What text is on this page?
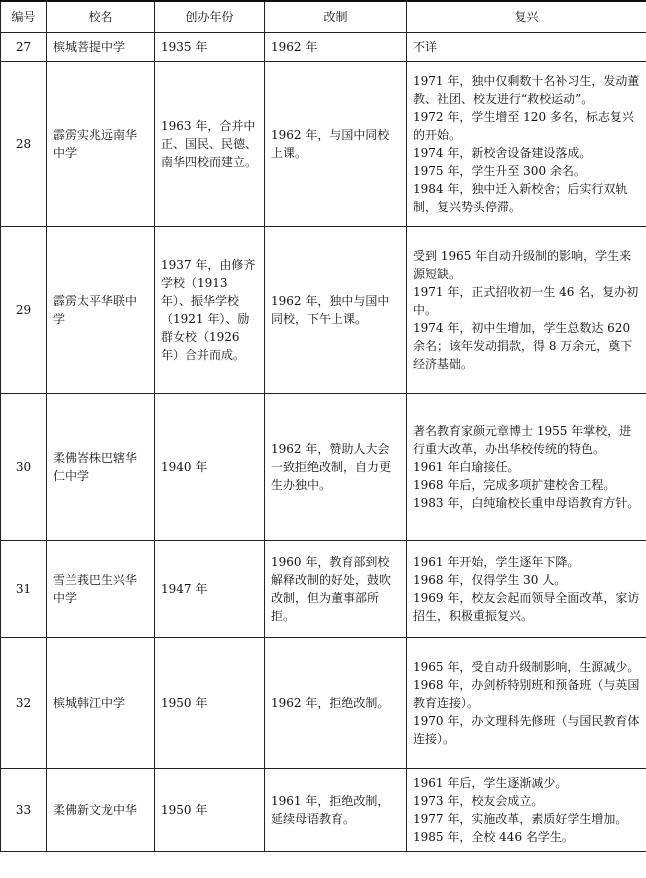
编号	校名	创办年份	改制	复兴
27	槟城菩提中学	1935 年	1962 年	不详

28	霹雳实兆远南华中学	1963 年，合并中正、国民、民德、南华四校而建立。	1962 年，与国中同校上课。	1971 年，独中仅剩数十名补习生，发动董教、社团、校友进行“救校运动”。

1972 年，学生增至 120 多名，标志复兴的开始。

1974 年，新校舍设备建设落成。

1975 年，学生升至 300 余名。

1984 年，独中迁入新校舍；后实行双轨制，复兴势头停滞。

29	霹雳太平华联中学	1937 年，由修齐学校（1913 年）、振华学校（1921 年）、励群女校（1926 年）合并而成。	1962 年，独中与国中同校，下午上课。	受到 1965 年自动升级制的影响，学生来源短缺。

1971 年，正式招收初一生 46 名，复办初中。

1974 年，初中生增加，学生总数达 620 余名；该年发动捐款，得 8 万余元，奠下经济基础。

30	柔佛峇株巴辖华仁中学	1940 年	1962 年，赞助人大会一致拒绝改制，自力更生办独中。	著名教育家颜元章博士 1955 年掌校，进行重大改革，办出华校传统的特色。

1961 年白瑜接任。

1968 年后，完成多项扩建校舍工程。

1983 年，白纯瑜校长重申母语教育方针。

31	雪兰莪巴生兴华中学	1947 年	1960 年，教育部到校解释改制的好处，鼓吹改制，但为董事部所拒。	1961 年开始，学生逐年下降。

1968 年，仅得学生 30 人。

1969 年，校友会起而领导全面改革，家访招生，积极重振复兴。

32	槟城韩江中学	1950 年	1962 年，拒绝改制。	1965 年，受自动升级制影响，生源减少。

1968 年，办剑桥特别班和预备班（与英国教育连接）。

1970 年，办文理科先修班（与国民教育体连接）。

33	柔佛新文龙中华	1950 年	1961 年，拒绝改制，延续母语教育。	1961 年后，学生逐渐减少。

1973 年，校友会成立。

1977 年，实施改革，素质好学生增加。

1985 年，全校 446 名学生。
